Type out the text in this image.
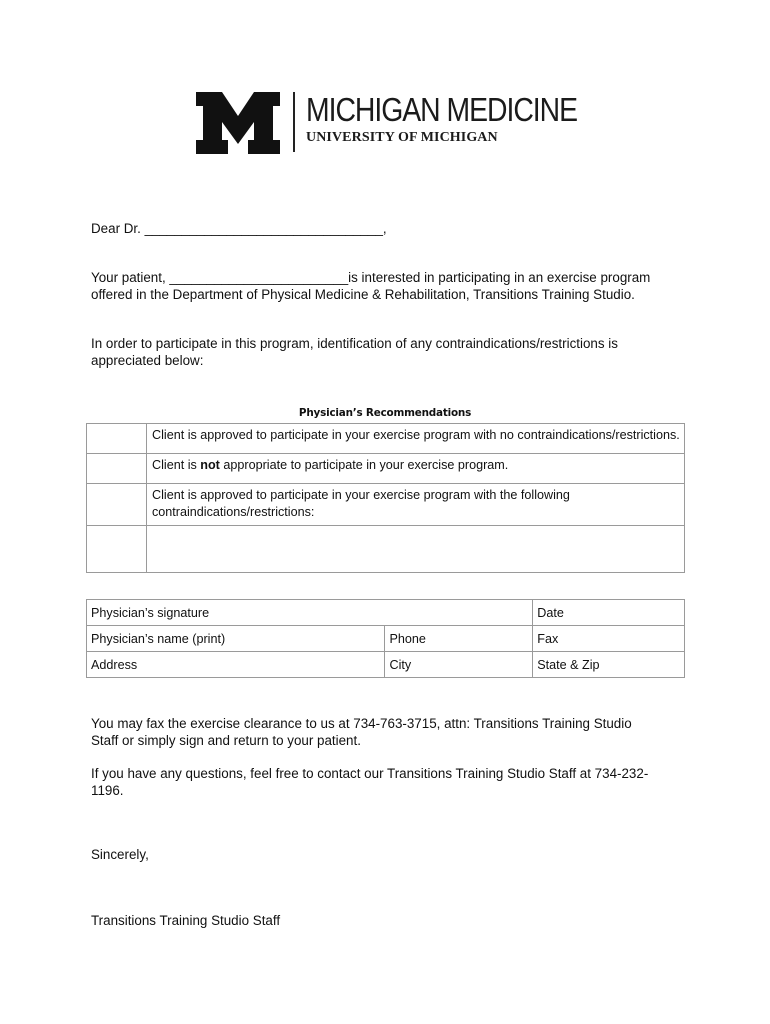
MICHIGAN MEDICINE
UNIVERSITY OF MICHIGAN
Dear Dr. ________________________________,
Your patient, ________________________is interested in participating in an exercise program
offered in the Department of Physical Medicine & Rehabilitation, Transitions Training Studio.
In order to participate in this program, identification of any contraindications/restrictions is
appreciated below:
Physician’s Recommendations
	Client is approved to participate in your exercise program with no contraindications/restrictions.
	Client is not appropriate to participate in your exercise program.

	Client is approved to participate in your exercise program with the following
contraindications/restrictions:

Physician’s signature		Date
Physician’s name (print)	Phone	Fax
Address	City	State & Zip
You may fax the exercise clearance to us at 734-763-3715, attn: Transitions Training Studio
Staff or simply sign and return to your patient.
If you have any questions, feel free to contact our Transitions Training Studio Staff at 734-232-
1196.
Sincerely,
Transitions Training Studio Staff
